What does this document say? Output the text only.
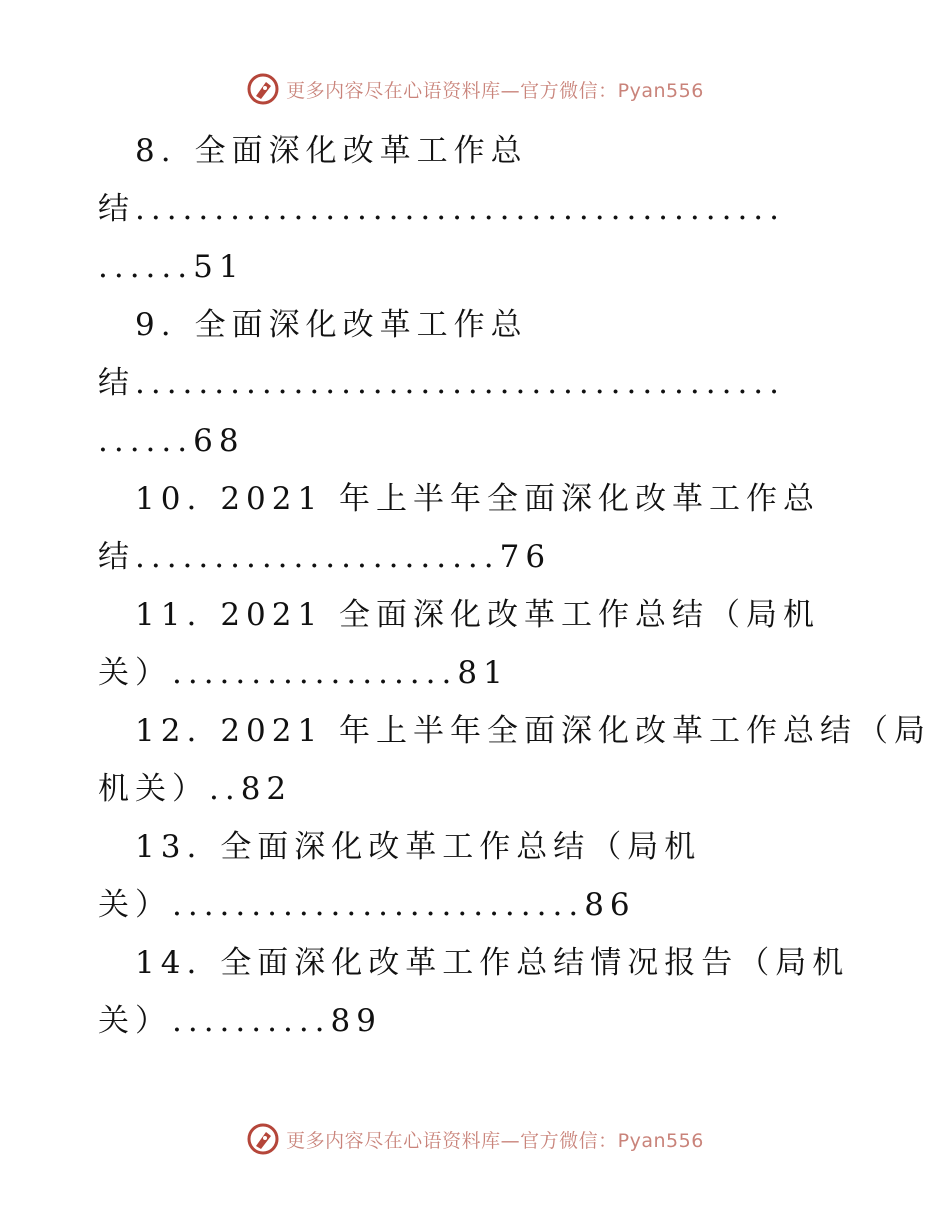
更多内容尽在心语资料库—官方微信：Pyan556
8. 全面深化改革工作总
结.........................................
......51
9. 全面深化改革工作总
结.........................................
......68
10. 2021 年上半年全面深化改革工作总
结.......................76
11. 2021 全面深化改革工作总结（局机
关）..................81
12. 2021 年上半年全面深化改革工作总结（局
机关）..82
13. 全面深化改革工作总结（局机
关）..........................86
14. 全面深化改革工作总结情况报告（局机
关）..........89
更多内容尽在心语资料库—官方微信：Pyan556
